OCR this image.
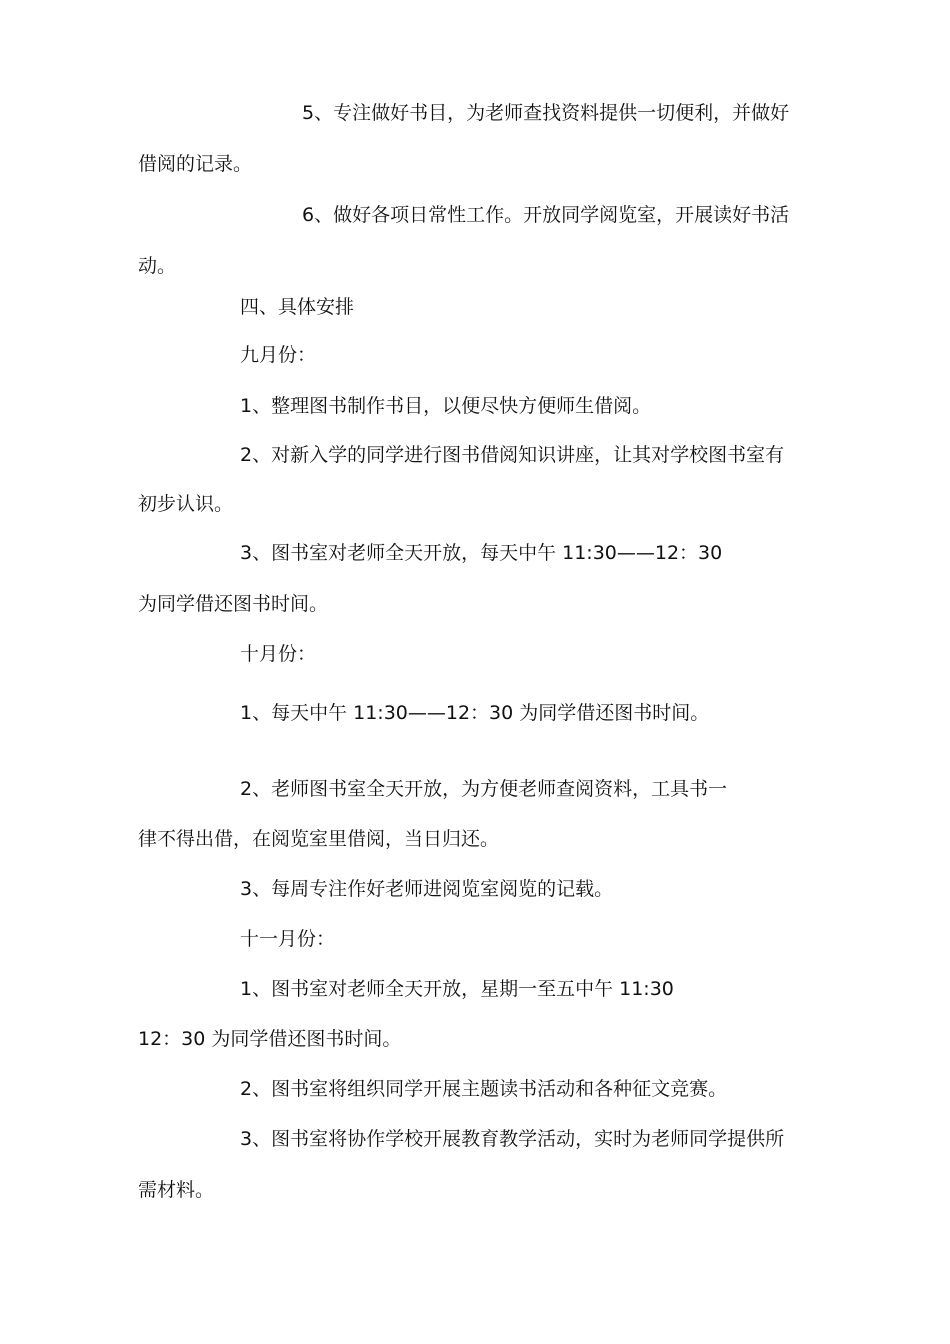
5、专注做好书目，为老师查找资料提供一切便利，并做好
借阅的记录。
6、做好各项日常性工作。开放同学阅览室，开展读好书活
动。
四、具体安排
九月份：
1、整理图书制作书目，以便尽快方便师生借阅。
2、对新入学的同学进行图书借阅知识讲座，让其对学校图书室有
初步认识。
3、图书室对老师全天开放，每天中午 11:30——12：30
为同学借还图书时间。
十月份：
1、每天中午 11:30——12：30 为同学借还图书时间。
2、老师图书室全天开放，为方便老师查阅资料，工具书一
律不得出借，在阅览室里借阅，当日归还。
3、每周专注作好老师进阅览室阅览的记载。
十一月份：
1、图书室对老师全天开放，星期一至五中午 11:30
12：30 为同学借还图书时间。
2、图书室将组织同学开展主题读书活动和各种征文竞赛。
3、图书室将协作学校开展教育教学活动，实时为老师同学提供所
需材料。
